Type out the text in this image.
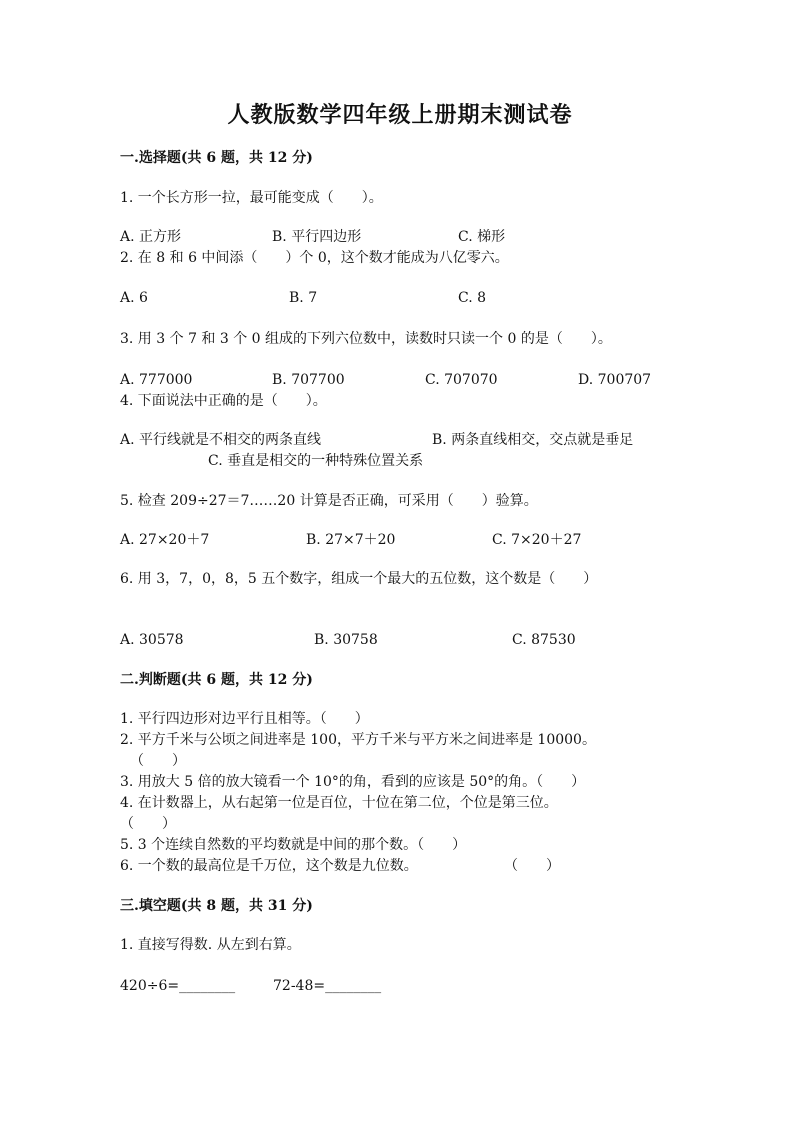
人教版数学四年级上册期末测试卷
一.选择题(共 6 题，共 12 分)
1. 一个长方形一拉，最可能变成（　　）。
A. 正方形	B. 平行四边形	C. 梯形
2. 在 8 和 6 中间添（　　）个 0，这个数才能成为八亿零六。
A. 6	B. 7	C. 8
3. 用 3 个 7 和 3 个 0 组成的下列六位数中，读数时只读一个 0 的是（　　）。
A. 777000	B. 707700	C. 707070	D. 700707
4. 下面说法中正确的是（　　）。
A. 平行线就是不相交的两条直线	B. 两条直线相交，交点就是垂足
C. 垂直是相交的一种特殊位置关系
5. 检查 209÷27＝7……20 计算是否正确，可采用（　　）验算。
A. 27×20＋7	B. 27×7＋20	C. 7×20＋27
6. 用 3，7，0，8，5 五个数字，组成一个最大的五位数，这个数是（　　）
A. 30578	B. 30758	C. 87530
二.判断题(共 6 题，共 12 分)
1. 平行四边形对边平行且相等。（　　）
2. 平方千米与公顷之间进率是 100，平方千米与平方米之间进率是 10000。
（　　）
3. 用放大 5 倍的放大镜看一个 10°的角，看到的应该是 50°的角。（　　）
4. 在计数器上，从右起第一位是百位，十位在第二位，个位是第三位。
（　　）
5. 3 个连续自然数的平均数就是中间的那个数。（　　）
6. 一个数的最高位是千万位，这个数是九位数。	（　　）
三.填空题(共 8 题，共 31 分)
1. 直接写得数. 从左到右算。
420÷6=________	72-48=________
